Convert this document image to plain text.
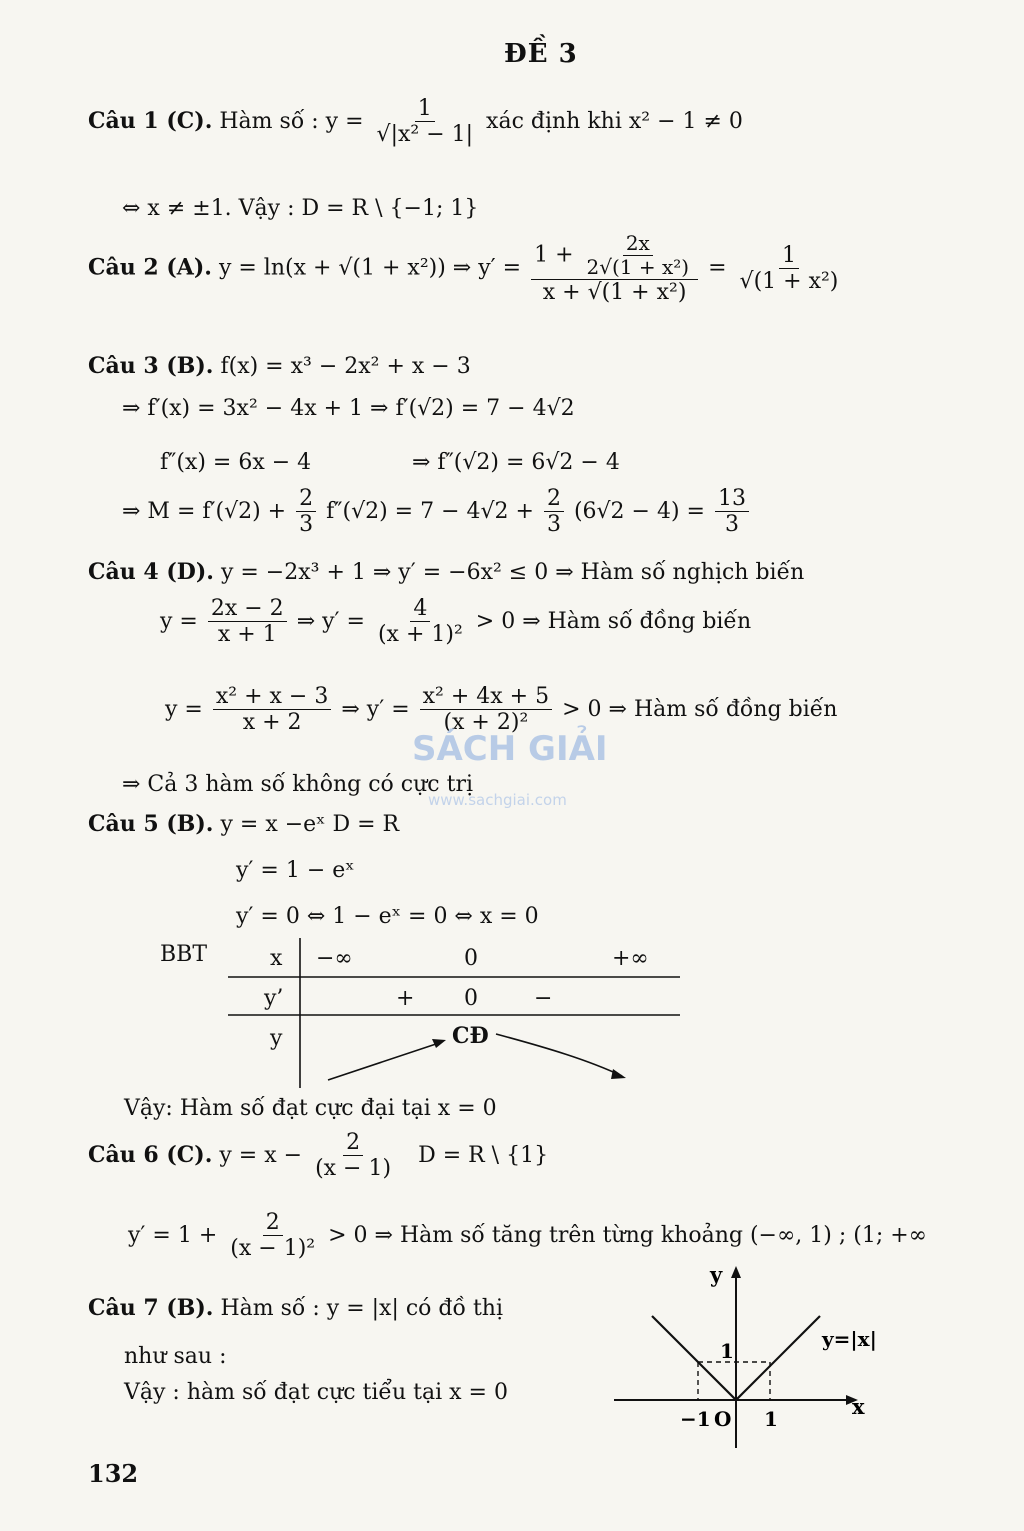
ĐỀ 3
Câu 1 (C). Hàm số : $y = \frac{1}{\text{√|x² − 1|}}$ xác định khi x² − 1 ≠ 0
⇔ x ≠ ±1. Vậy : D = R \ {−1; 1}
Câu 2 (A). y = ln(x + √(1 + x²)) ⇒ $y' = \frac{1 + \frac{2x}{\text{2√(1 + x²)}}}{\text{x + √(1 + x²)}} = \frac{1}{\text{√(1 + x²)}}$
Câu 3 (B). f(x) = x³ − 2x² + x − 3
⇒ f′(x) = 3x² − 4x + 1 ⇒ f′(√2) = 7 − 4√2
f″(x) = 6x − 4	⇒ f″(√2) = 6√2 − 4
⇒ $M = f'(√2) + \frac{2}{3} f''(√2) = 7 - 4√2 + \frac{2}{3} (6√2 - 4) = \frac{13}{3}$
Câu 4 (D). y = −2x³ + 1 ⇒ y′ = −6x² ≤ 0 ⇒ Hàm số nghịch biến
$y = \frac{2x - 2}{x + 1}$ ⇒ $y' = \frac{4}{\text{(x + 1)²}} > 0$ ⇒ Hàm số đồng biến
$y = \frac{\text{x² + x − 3}}{x + 2}$ ⇒ $y' = \frac{\text{x² + 4x + 5}}{\text{(x + 2)²}} > 0$ ⇒ Hàm số đồng biến
SÁCH GIẢI
www.sachgiai.com
⇒ Cả 3 hàm số không có cực trị
Câu 5 (B). y = x −eˣ D = R
y′ = 1 − eˣ
y′ = 0 ⇔ 1 − eˣ = 0 ⇔ x = 0
BBT	x −∞	0	+∞
y’	+ 0	−
y	CĐ
Vậy: Hàm số đạt cực đại tại x = 0
Câu 6 (C). $y = x - \frac{2}{(x - 1)}$ D = R \ {1}
$y' = 1 + \frac{2}{\text{(x − 1)²}} > 0$ ⇒ Hàm số tăng trên từng khoảng (−∞, 1) ; (1; +∞
Câu 7 (B). Hàm số : y = |x| có đồ thị
như sau :
Vậy : hàm số đạt cực tiểu tại x = 0
y
x
y=|x|
1
−1 O 1
132
